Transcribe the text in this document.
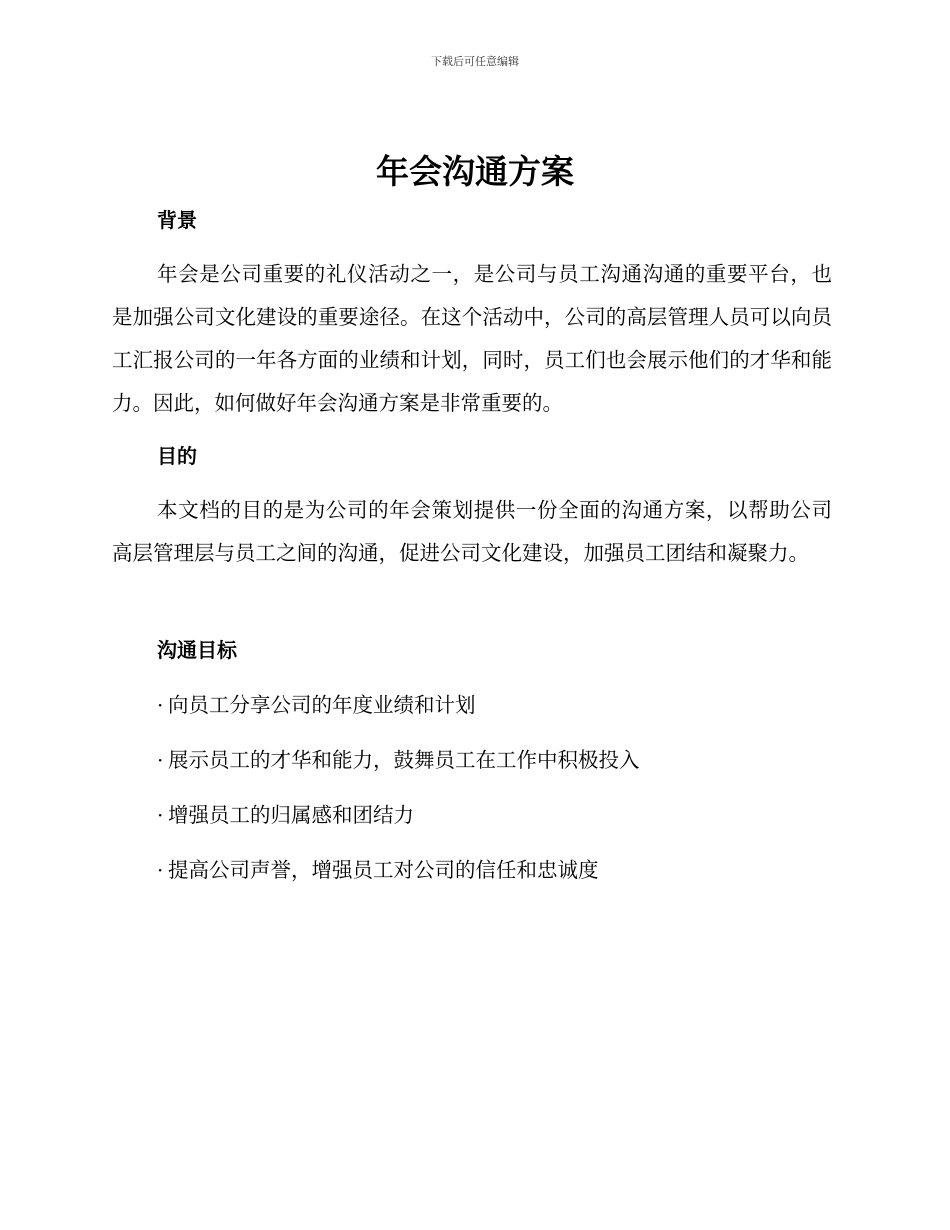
下载后可任意编辑
年会沟通方案
背景

年会是公司重要的礼仪活动之一，是公司与员工沟通沟通的重要平台，也是加强公司文化建设的重要途径。在这个活动中，公司的高层管理人员可以向员工汇报公司的一年各方面的业绩和计划，同时，员工们也会展示他们的才华和能力。因此，如何做好年会沟通方案是非常重要的。

目的

本文档的目的是为公司的年会策划提供一份全面的沟通方案，以帮助公司高层管理层与员工之间的沟通，促进公司文化建设，加强员工团结和凝聚力。

沟通目标
· 向员工分享公司的年度业绩和计划
· 展示员工的才华和能力，鼓舞员工在工作中积极投入
· 增强员工的归属感和团结力
· 提高公司声誉，增强员工对公司的信任和忠诚度
